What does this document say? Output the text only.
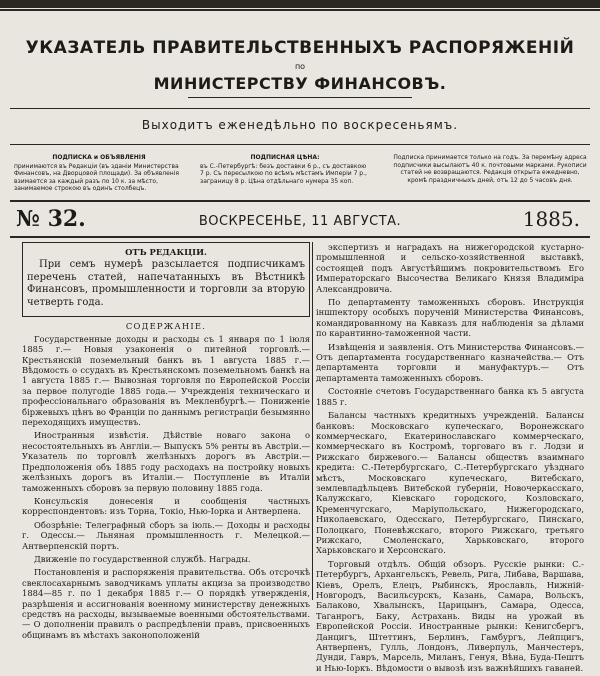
УКАЗАТЕЛЬ ПРАВИТЕЛЬСТВЕННЫХЪ РАСПОРЯЖЕНІЙ
по
МИНИСТЕРСТВУ ФИНАНСОВЪ.
Выходитъ еженедѣльно по воскресеньямъ.
ПОДПИСКА и ОБЪЯВЛЕНІЯ
принимаются въ Редакціи (въ зданіи Министерства Финансовъ, на Дворцовой площади). За объявленія взимается за каждый разъ по 10 к. за мѣсто, занимаемое строкою въ одинъ столбецъ.
ПОДПИСНАЯ ЦѢНА:
въ С.-Петербургѣ: безъ доставки 6 р., съ доставкою 7 р. Съ пересылкою по всѣмъ мѣстамъ Имперіи 7 р., заграницу 8 р. Цѣна отдѣльнаго нумера 35 коп.
Подписка принимается только на годъ. За перемѣну адреса подписчики высылаютъ 40 к. почтовыми марками. Рукописи статей не возвращаются. Редакція открыта ежедневно, кромѣ праздничныхъ дней, отъ 12 до 5 часовъ дня.
№ 32.	ВОСКРЕСЕНЬЕ, 11 АВГУСТА.	1885.
ОТЪ РЕДАКЦІИ.

При семъ нумерѣ разсылается подписчикамъ перечень статей, напечатанныхъ въ Вѣстникѣ Финансовъ, промышленности и торговли за вторую четверть года.

СОДЕРЖАНІЕ.

Государственные доходы и расходы съ 1 января по 1 іюля 1885 г.— Новыя узаконенія о питейной торговлѣ.— Крестьянскій поземельный банкъ въ 1 августа 1885 г.— Вѣдомость о ссудахъ въ Крестьянскомъ поземельномъ банкѣ на 1 августа 1885 г.— Вывозная торговля по Европейской Россіи за первое полугодіе 1885 года.— Учрежденія техническаго и профессіональнаго образованія въ Мекленбургѣ.— Пониженіе біржевыхъ цѣнъ во Франціи по даннымъ регистраціи безымянно переходящихъ имуществъ.

Иностранныя извѣстія. Дѣйствіе новаго закона о несостоятельныхъ въ Англіи.— Выпускъ 5% ренты въ Австріи.— Указатель по торговлѣ желѣзныхъ дорогъ въ Австріи.— Предположенія объ 1885 году расходахъ на постройку новыхъ желѣзныхъ дорогъ въ Италіи.— Поступленіе въ Италіи таможенныхъ сборовъ за первую половину 1885 года.

Консульскія донесенія и сообщенія частныхъ корреспондентовъ: изъ Торна, Токіо, Нью-Іорка и Антверпена.

Обозрѣніе: Телеграфный сборъ за іюль.— Доходы и расходы г. Одессы.— Льняная промышленность г. Мелецкой.— Антверпенскій портъ.

Движеніе по государственной службѣ. Награды.

Постановленія и распоряженія правительства. Объ отсрочкѣ свеклосахарнымъ заводчикамъ уплаты акциза за производство 1884—85 г. по 1 декабря 1885 г.— О порядкѣ утвержденія, разрѣшенія и ассигнованія военному министерству денежныхъ средствъ на расходы, вызываемые военными обстоятельствами.— О дополненіи правилъ о распредѣленіи правъ, присвоенныхъ общинамъ въ мѣстахъ законоположеній

экспертизъ и наградахъ на нижегородской кустарно-промышленной и сельско-хозяйственной выставкѣ, состоящей подъ Августѣйшимъ покровительствомъ Его Императорскаго Высочества Великаго Князя Владиміра Александровича.

По департаменту таможенныхъ сборовъ. Инструкція іншпектору особыхъ порученій Министерства Финансовъ, командированному на Кавказъ для наблюденія за дѣлами по карантинно-таможенной части.

Извѣщенія и заявленія. Отъ Министерства Финансовъ.— Отъ департамента государственнаго казначейства.— Отъ департамента торговли и мануфактуръ.— Отъ департамента таможенныхъ сборовъ.

Состояніе счетовъ Государственнаго банка къ 5 августа 1885 г.

Балансы частныхъ кредитныхъ учрежденій. Балансы банковъ: Московскаго купеческаго, Воронежскаго коммерческаго, Екатеринославскаго коммерческаго, коммерческаго въ Костромѣ, торговаго въ г. Лодзи и Рижскаго биржевого.— Балансы обществъ взаимнаго кредита: С.-Петербургскаго, С.-Петербургскаго уѣзднаго мѣстъ, Московскаго купеческаго, Витебскаго, землевладѣльцевъ Витебской губерніи, Новочеркасскаго, Калужскаго, Кіевскаго городского, Козловскаго, Кременчугскаго, Маріупольскаго, Нижегородскаго, Николаевскаго, Одесскаго, Петербургскаго, Пинскаго, Полоцкаго, Поневѣжскаго, второго Рижскаго, третьяго Рижскаго, Смоленскаго, Харьковскаго, второго Харьковскаго и Херсонскаго.

Торговый отдѣлъ. Общій обзоръ. Русскіе рынки: С.-Петербургъ, Архангельскъ, Ревель, Рига, Либава, Варшава, Кіевъ, Орелъ, Елецъ, Рыбинскъ, Ярославль, Нижній-Новгородъ, Васильсурскъ, Казань, Самара, Вольскъ, Балаково, Хвалынскъ, Царицынъ, Самара, Одесса, Таганрогъ, Баку, Астрахань. Виды на урожай въ Европейской Россіи. Иностранные рынки: Кенигсбергъ, Данцигъ, Штеттинъ, Берлинъ, Гамбургъ, Лейпцигъ, Антверпенъ, Гулль, Лондонъ, Ливерпуль, Манчестеръ, Дунди, Гавръ, Марсель, Миланъ, Генуя, Вѣна, Буда-Пештъ и Нью-Іоркъ. Вѣдомости о вывозѣ изъ важнѣйшихъ гаваней.
